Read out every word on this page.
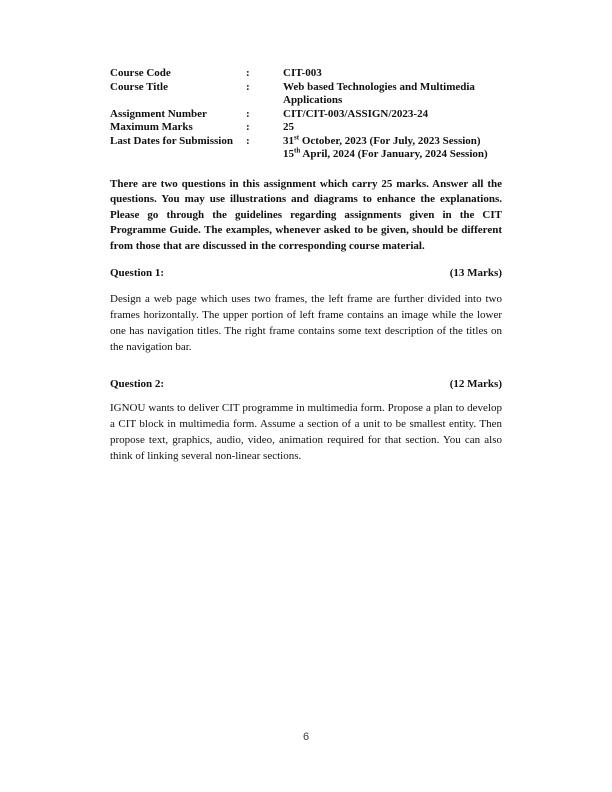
Course Code	:	CIT-003
Course Title	:	Web based Technologies and Multimedia Applications
Assignment Number	:	CIT/CIT-003/ASSIGN/2023-24
Maximum Marks	:	25
Last Dates for Submission	:	31st October, 2023 (For July, 2023 Session)
15th April, 2024 (For January, 2024 Session)

There are two questions in this assignment which carry 25 marks. Answer all the questions. You may use illustrations and diagrams to enhance the explanations. Please go through the guidelines regarding assignments given in the CIT Programme Guide. The examples, whenever asked to be given, should be different from those that are discussed in the corresponding course material.

Question 1:	(13 Marks)

Design a web page which uses two frames, the left frame are further divided into two frames horizontally. The upper portion of left frame contains an image while the lower one has navigation titles. The right frame contains some text description of the titles on the navigation bar.

Question 2:	(12 Marks)

IGNOU wants to deliver CIT programme in multimedia form. Propose a plan to develop a CIT block in multimedia form. Assume a section of a unit to be smallest entity. Then propose text, graphics, audio, video, animation required for that section. You can also think of linking several non-linear sections.

6
